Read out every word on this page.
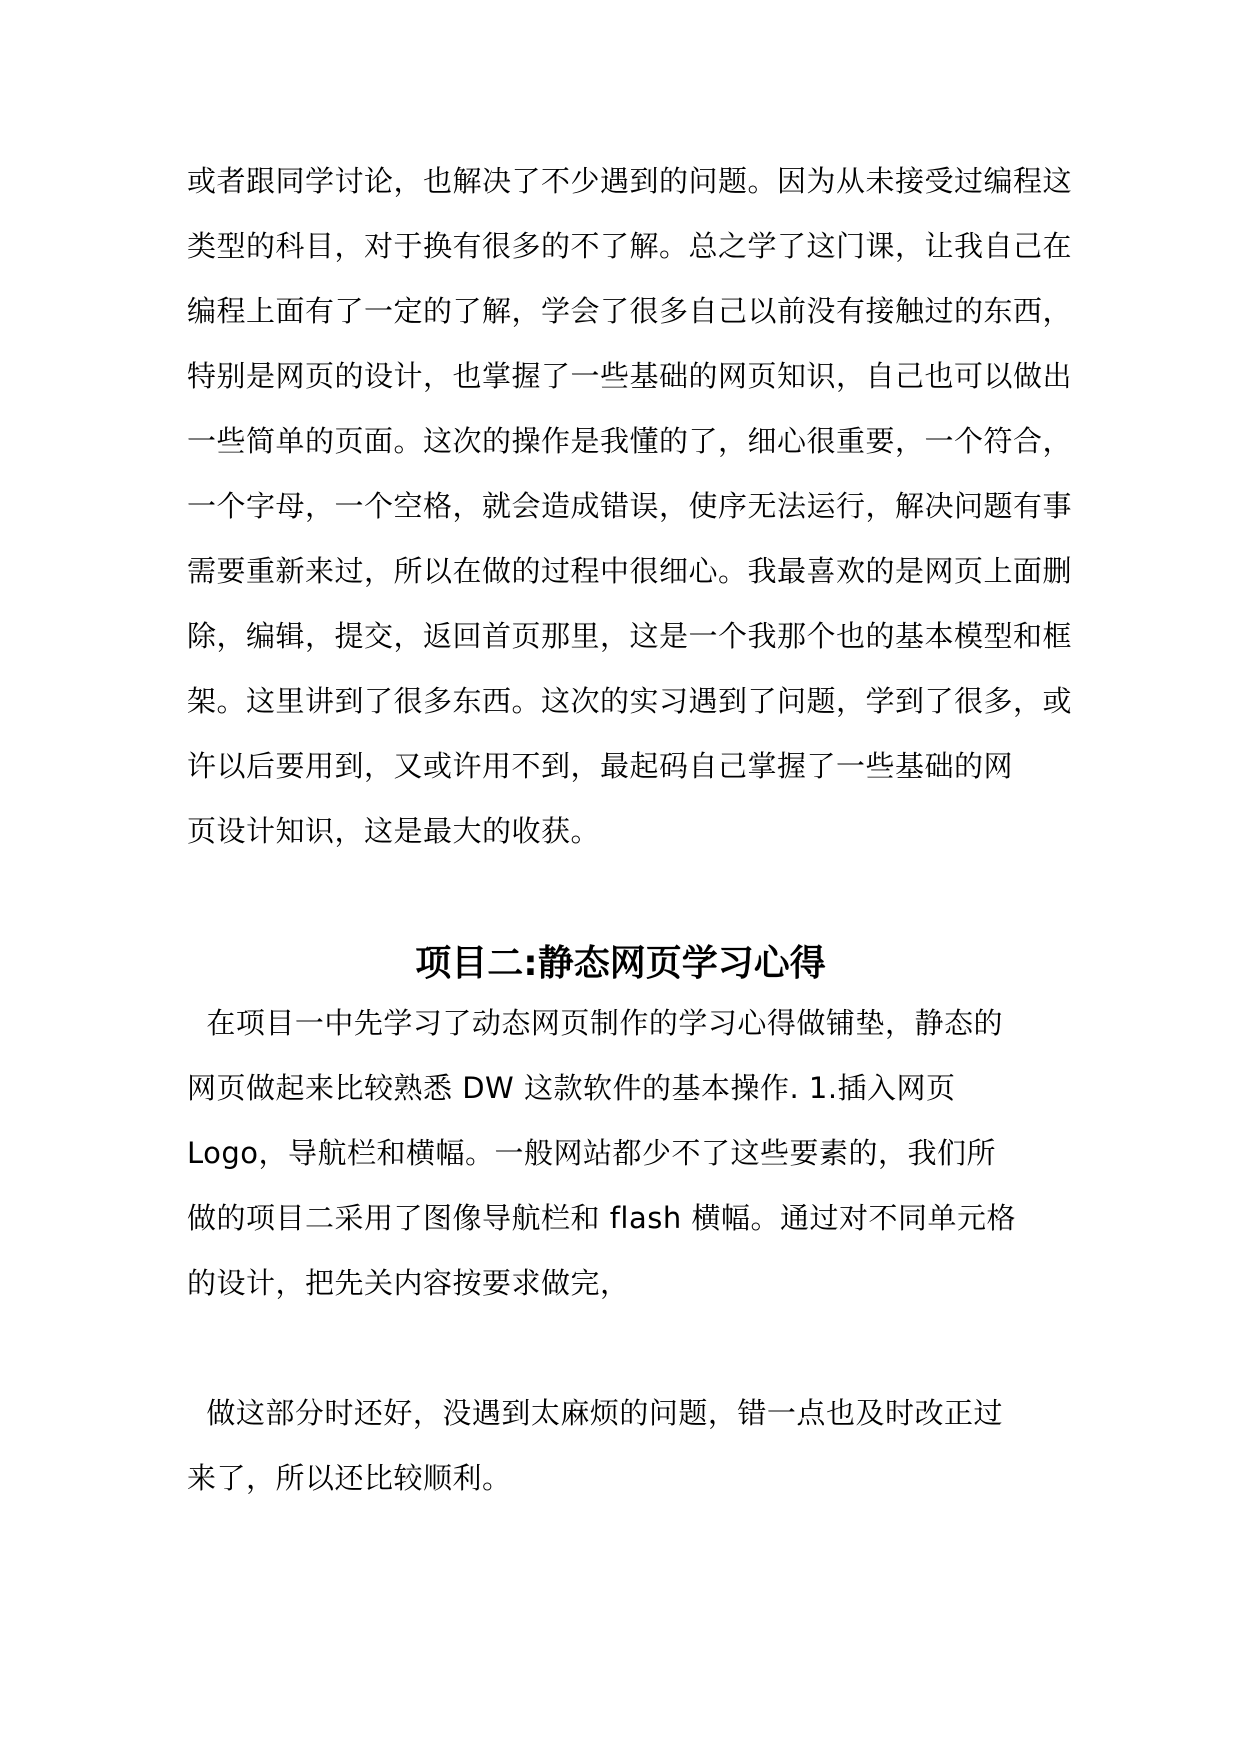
或者跟同学讨论，也解决了不少遇到的问题。因为从未接受过编程这
类型的科目，对于换有很多的不了解。总之学了这门课，让我自己在
编程上面有了一定的了解，学会了很多自己以前没有接触过的东西，
特别是网页的设计，也掌握了一些基础的网页知识，自己也可以做出
一些简单的页面。这次的操作是我懂的了，细心很重要，一个符合，
一个字母，一个空格，就会造成错误，使序无法运行，解决问题有事
需要重新来过，所以在做的过程中很细心。我最喜欢的是网页上面删
除，编辑，提交，返回首页那里，这是一个我那个也的基本模型和框
架。这里讲到了很多东西。这次的实习遇到了问题，学到了很多，或
许以后要用到，又或许用不到，最起码自己掌握了一些基础的网
页设计知识，这是最大的收获。
项目二:静态网页学习心得
在项目一中先学习了动态网页制作的学习心得做铺垫，静态的
网页做起来比较熟悉 DW 这款软件的基本操作. 1.插入网页
Logo，导航栏和横幅。一般网站都少不了这些要素的，我们所
做的项目二采用了图像导航栏和 flash 横幅。通过对不同单元格
的设计，把先关内容按要求做完，
做这部分时还好，没遇到太麻烦的问题，错一点也及时改正过
来了，所以还比较顺利。
